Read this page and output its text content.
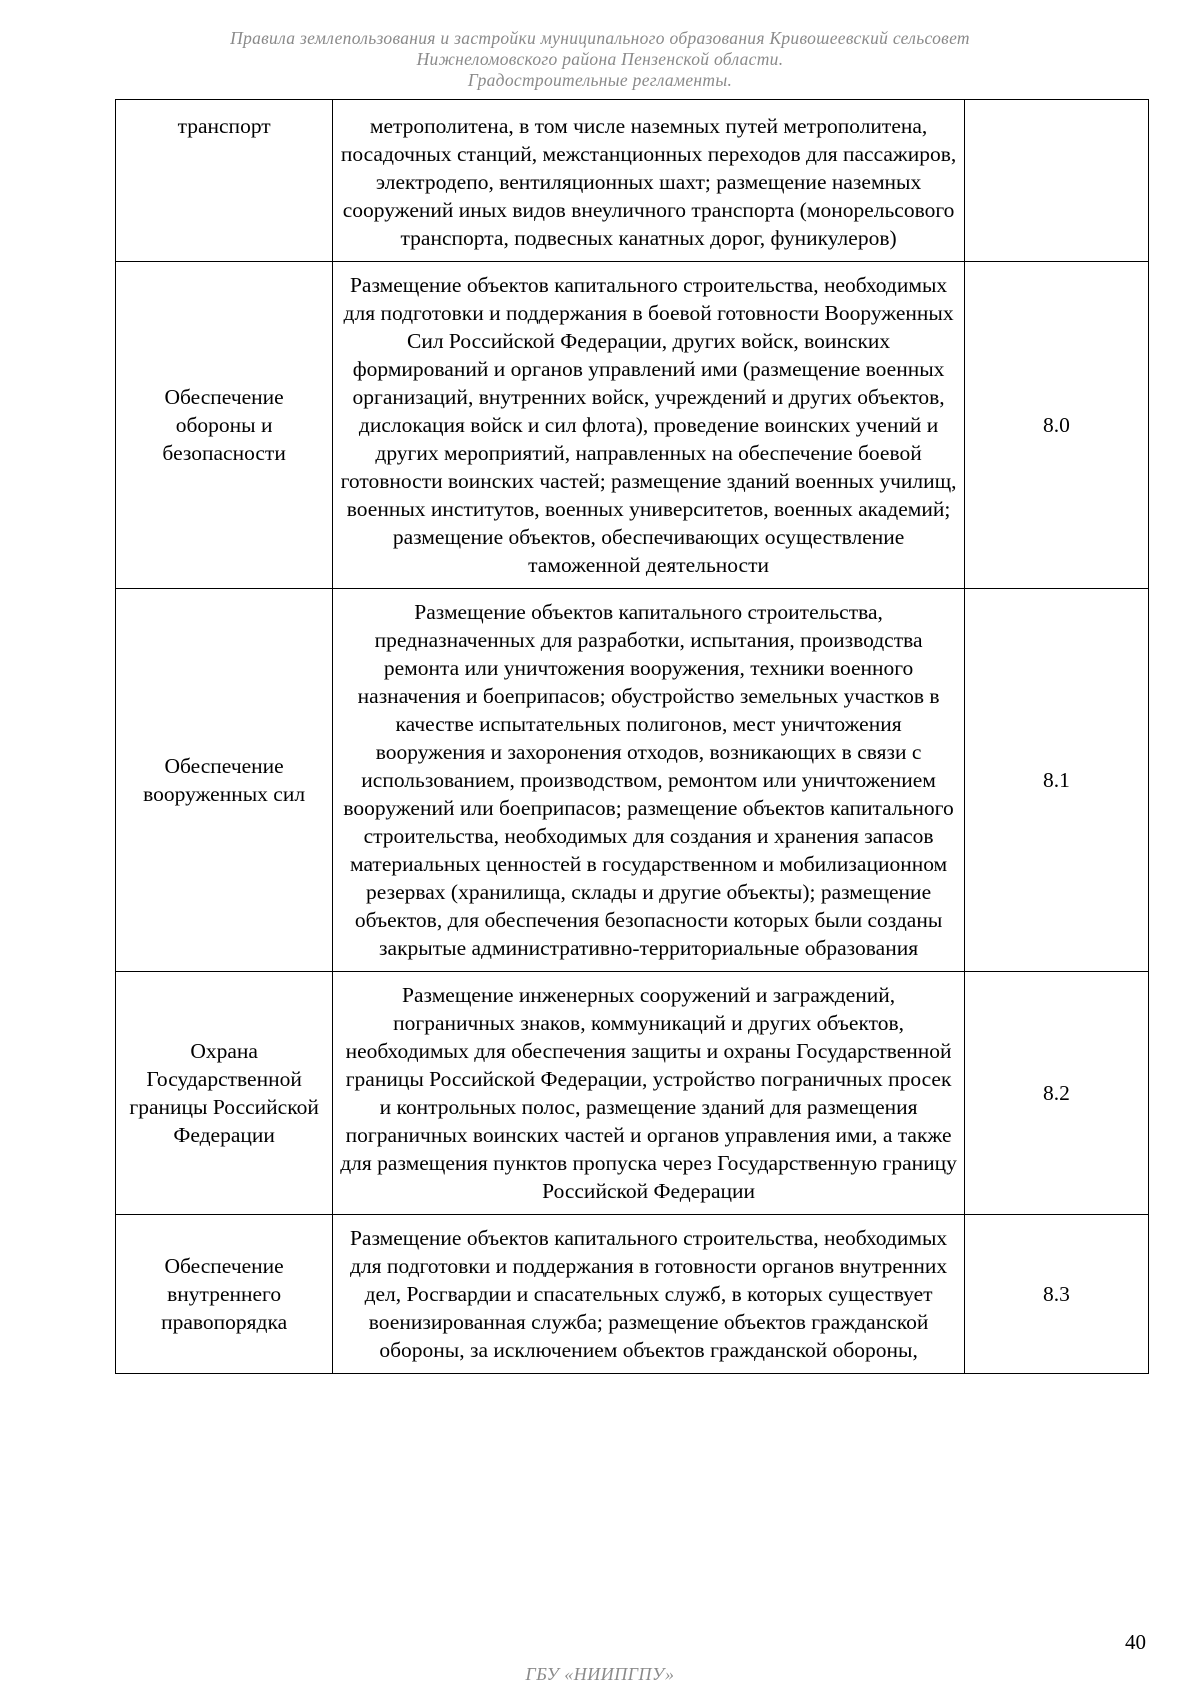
Правила землепользования и застройки муниципального образования Кривошеевский сельсовет
Нижнеломовского района Пензенской области.
Градостроительные регламенты.
транспорт	метрополитена, в том числе наземных путей метрополитена, посадочных станций, межстанционных переходов для пассажиров, электродепо, вентиляционных шахт; размещение наземных сооружений иных видов внеуличного транспорта (монорельсового транспорта, подвесных канатных дорог, фуникулеров)	
Обеспечение обороны и безопасности	Размещение объектов капитального строительства, необходимых для подготовки и поддержания в боевой готовности Вооруженных Сил Российской Федерации, других войск, воинских формирований и органов управлений ими (размещение военных организаций, внутренних войск, учреждений и других объектов, дислокация войск и сил флота), проведение воинских учений и других мероприятий, направленных на обеспечение боевой готовности воинских частей; размещение зданий военных училищ, военных институтов, военных университетов, военных академий; размещение объектов, обеспечивающих осуществление таможенной деятельности	8.0
Обеспечение вооруженных сил	Размещение объектов капитального строительства, предназначенных для разработки, испытания, производства ремонта или уничтожения вооружения, техники военного назначения и боеприпасов; обустройство земельных участков в качестве испытательных полигонов, мест уничтожения вооружения и захоронения отходов, возникающих в связи с использованием, производством, ремонтом или уничтожением вооружений или боеприпасов; размещение объектов капитального строительства, необходимых для создания и хранения запасов материальных ценностей в государственном и мобилизационном резервах (хранилища, склады и другие объекты); размещение объектов, для обеспечения безопасности которых были созданы закрытые административно-территориальные образования	8.1
Охрана Государственной границы Российской Федерации	Размещение инженерных сооружений и заграждений, пограничных знаков, коммуникаций и других объектов, необходимых для обеспечения защиты и охраны Государственной границы Российской Федерации, устройство пограничных просек и контрольных полос, размещение зданий для размещения пограничных воинских частей и органов управления ими, а также для размещения пунктов пропуска через Государственную границу Российской Федерации	8.2
Обеспечение внутреннего правопорядка	Размещение объектов капитального строительства, необходимых для подготовки и поддержания в готовности органов внутренних дел, Росгвардии и спасательных служб, в которых существует военизированная служба; размещение объектов гражданской обороны, за исключением объектов гражданской обороны,	8.3
40
ГБУ «НИИПГПУ»
